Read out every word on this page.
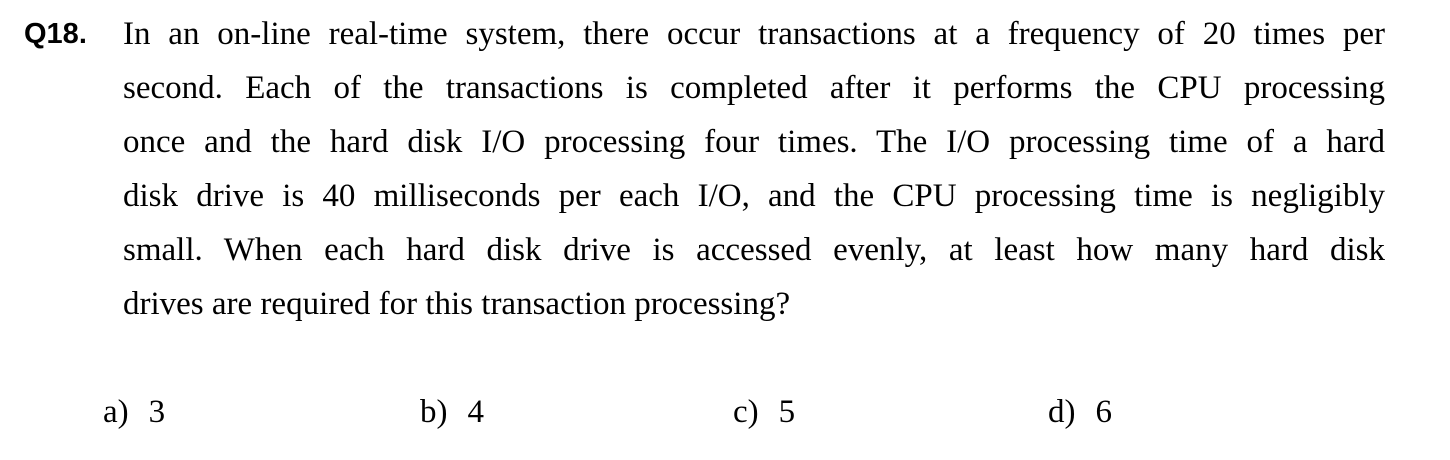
Q18. In an on-line real-time system, there occur transactions at a frequency of 20 times per
second. Each of the transactions is completed after it performs the CPU processing
once and the hard disk I/O processing four times. The I/O processing time of a hard
disk drive is 40 milliseconds per each I/O, and the CPU processing time is negligibly
small. When each hard disk drive is accessed evenly, at least how many hard disk
drives are required for this transaction processing?
a) 3	b) 4	c) 5	d) 6
